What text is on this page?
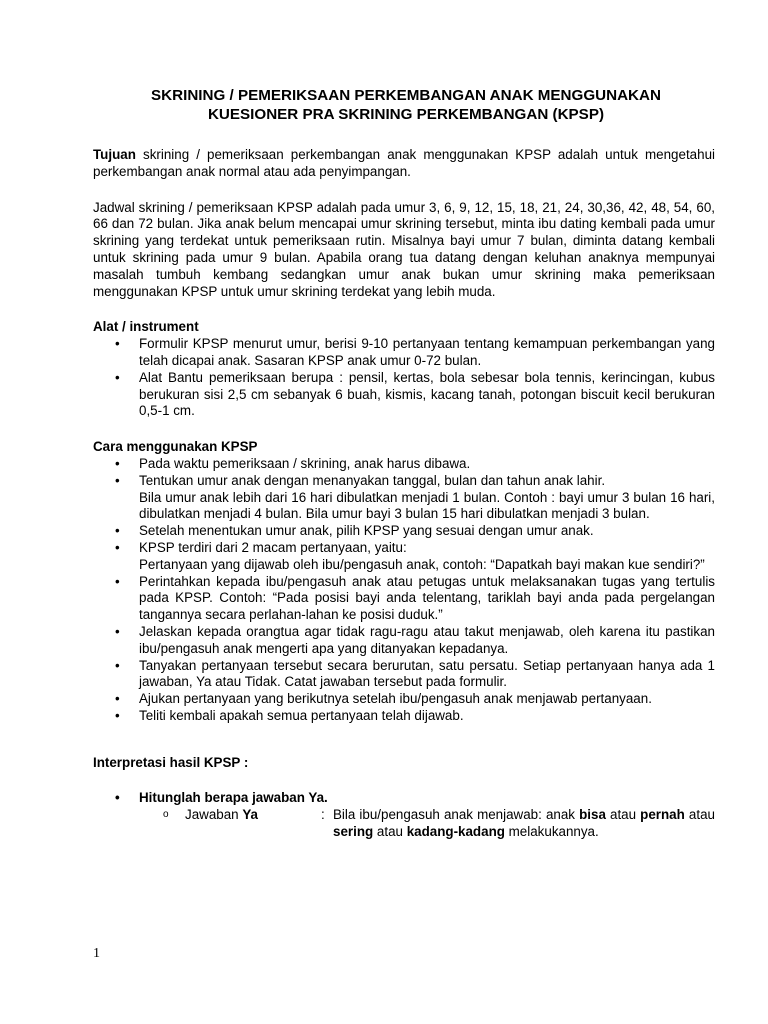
SKRINING / PEMERIKSAAN PERKEMBANGAN ANAK MENGGUNAKAN
KUESIONER PRA SKRINING PERKEMBANGAN (KPSP)

Tujuan skrining / pemeriksaan perkembangan anak menggunakan KPSP adalah untuk mengetahui perkembangan anak normal atau ada penyimpangan.

Jadwal skrining / pemeriksaan KPSP adalah pada umur 3, 6, 9, 12, 15, 18, 21, 24, 30,36, 42, 48, 54, 60, 66 dan 72 bulan. Jika anak belum mencapai umur skrining tersebut, minta ibu dating kembali pada umur skrining yang terdekat untuk pemeriksaan rutin. Misalnya bayi umur 7 bulan, diminta datang kembali untuk skrining pada umur 9 bulan. Apabila orang tua datang dengan keluhan anaknya mempunyai masalah tumbuh kembang sedangkan umur anak bukan umur skrining maka pemeriksaan menggunakan KPSP untuk umur skrining terdekat yang lebih muda.

Alat / instrument

• Formulir KPSP menurut umur, berisi 9-10 pertanyaan tentang kemampuan perkembangan yang telah dicapai anak. Sasaran KPSP anak umur 0-72 bulan.
• Alat Bantu pemeriksaan berupa : pensil, kertas, bola sebesar bola tennis, kerincingan, kubus berukuran sisi 2,5 cm sebanyak 6 buah, kismis, kacang tanah, potongan biscuit kecil berukuran 0,5-1 cm.

Cara menggunakan KPSP

• Pada waktu pemeriksaan / skrining, anak harus dibawa.
• Tentukan umur anak dengan menanyakan tanggal, bulan dan tahun anak lahir.
Bila umur anak lebih dari 16 hari dibulatkan menjadi 1 bulan. Contoh : bayi umur 3 bulan 16 hari, dibulatkan menjadi 4 bulan. Bila umur bayi 3 bulan 15 hari dibulatkan menjadi 3 bulan.
• Setelah menentukan umur anak, pilih KPSP yang sesuai dengan umur anak.
• KPSP terdiri dari 2 macam pertanyaan, yaitu:
Pertanyaan yang dijawab oleh ibu/pengasuh anak, contoh: “Dapatkah bayi makan kue sendiri?”
• Perintahkan kepada ibu/pengasuh anak atau petugas untuk melaksanakan tugas yang tertulis pada KPSP. Contoh: “Pada posisi bayi anda telentang, tariklah bayi anda pada pergelangan tangannya secara perlahan-lahan ke posisi duduk.”
• Jelaskan kepada orangtua agar tidak ragu-ragu atau takut menjawab, oleh karena itu pastikan ibu/pengasuh anak mengerti apa yang ditanyakan kepadanya.
• Tanyakan pertanyaan tersebut secara berurutan, satu persatu. Setiap pertanyaan hanya ada 1 jawaban, Ya atau Tidak. Catat jawaban tersebut pada formulir.
• Ajukan pertanyaan yang berikutnya setelah ibu/pengasuh anak menjawab pertanyaan.
• Teliti kembali apakah semua pertanyaan telah dijawab.

Interpretasi hasil KPSP :

• Hitunglah berapa jawaban Ya.
o	Jawaban Ya	: Bila ibu/pengasuh anak menjawab: anak bisa atau pernah atau sering atau kadang-kadang melakukannya.
1
